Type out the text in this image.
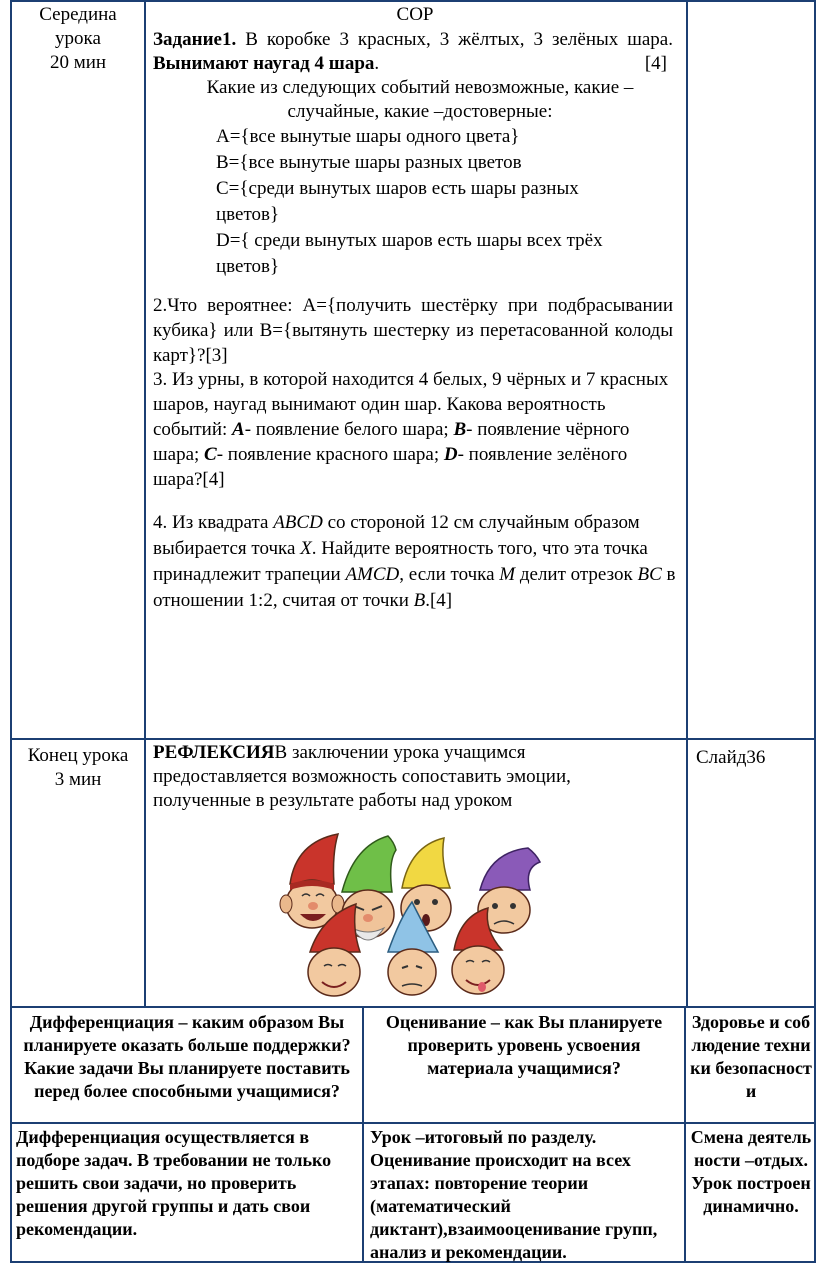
Середина урока
20 мин
СОР
Задание1. В коробке 3 красных, 3 жёлтых, 3 зелёных шара. Вынимают наугад 4 шара.	[4]
Какие из следующих событий невозможные, какие – случайные, какие –достоверные:

A={все вынутые шары одного цвета}

B={все вынутые шары разных цветов

C={среди вынутых шаров есть шары разных цветов}

D={ среди вынутых шаров есть шары всех трёх цветов}

2.Что вероятнее: A={получить шестёрку при подбрасывании кубика} или B={вытянуть шестерку из перетасованной колоды карт}?[3]
3. Из урны, в которой находится 4 белых, 9 чёрных и 7 красных шаров, наугад вынимают один шар. Какова вероятность событий: A- появление белого шара; B- появление чёрного шара; C- появление красного шара; D- появление зелёного шара?[4]
4. Из квадрата ABCD со стороной 12 см случайным образом выбирается точка X. Найдите вероятность того, что эта точка принадлежит трапеции AMCD, если точка M делит отрезок BC в отношении 1:2, считая от точки B.[4]
Конец урока
3 мин
РЕФЛЕКСИЯВ заключении урока учащимся предоставляется возможность сопоставить эмоции, полученные в результате работы над уроком
Слайд36
Дифференциация – каким образом Вы планируете оказать больше поддержки? Какие задачи Вы планируете поставить перед более способными учащимися?
Оценивание – как Вы планируете проверить уровень усвоения материала учащимися?
Здоровье и соблюдение техники безопасности
Дифференциация осуществляется в подборе задач. В требовании не только решить свои задачи, но проверить решения другой группы и дать свои рекомендации.
Урок –итоговый по разделу. Оценивание происходит на всех этапах: повторение теории (математический диктант),взаимооценивание групп, анализ и рекомендации.
Смена деятельности –отдых. Урок построен динамично.
